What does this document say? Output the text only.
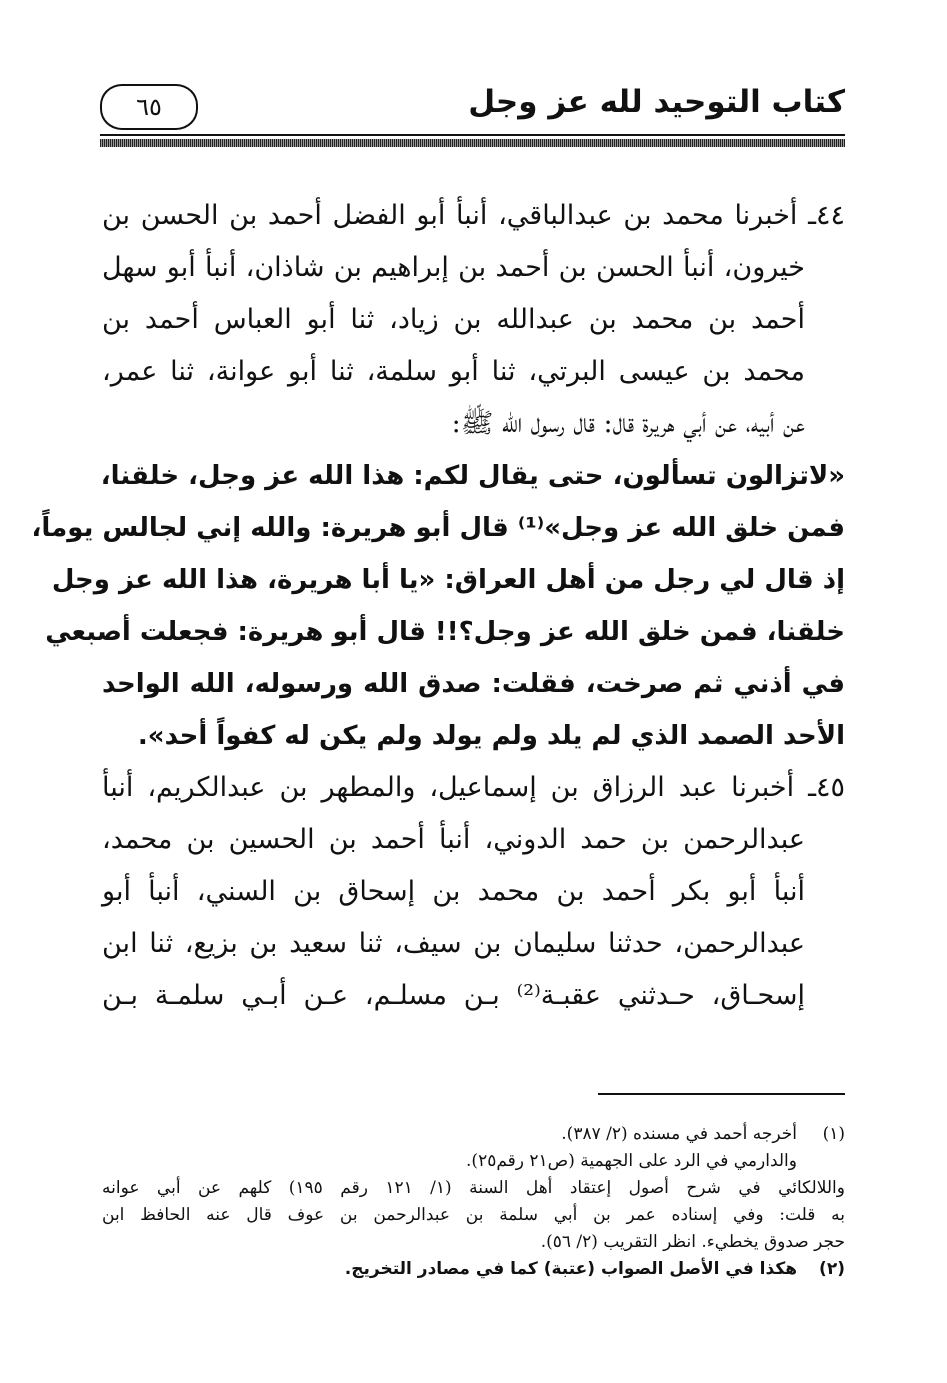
كتاب التوحيد لله عز وجل
٦٥
٤٤ـ أخبرنا محمد بن عبدالباقي، أنبأ أبو الفضل أحمد بن الحسن بن
خيرون، أنبأ الحسن بن أحمد بن إبراهيم بن شاذان، أنبأ أبو سهل
أحمد بن محمد بن عبدالله بن زياد، ثنا أبو العباس أحمد بن
محمد بن عيسى البرتي، ثنا أبو سلمة، ثنا أبو عوانة، ثنا عمر،
عن أبيه، عن أبي هريرة قال: قال رسول الله ﷺ:
«لاتزالون تسألون، حتى يقال لكم: هذا الله عز وجل، خلقنا،
فمن خلق الله عز وجل»⁽¹⁾ قال أبو هريرة: والله إني لجالس يوماً،
إذ قال لي رجل من أهل العراق: «يا أبا هريرة، هذا الله عز وجل
خلقنا، فمن خلق الله عز وجل؟!! قال أبو هريرة: فجعلت أصبعي
في أذني ثم صرخت، فقلت: صدق الله ورسوله، الله الواحد
الأحد الصمد الذي لم يلد ولم يولد ولم يكن له كفواً أحد».
٤٥ـ أخبرنا عبد الرزاق بن إسماعيل، والمطهر بن عبدالكريم، أنبأ
عبدالرحمن بن حمد الدوني، أنبأ أحمد بن الحسين بن محمد،
أنبأ أبو بكر أحمد بن محمد بن إسحاق بن السني، أنبأ أبو
عبدالرحمن، حدثنا سليمان بن سيف، ثنا سعيد بن بزيع، ثنا ابن
إسحـاق، حـدثني عقبـة⁽²⁾ بـن مسلـم، عـن أبـي سلمـة بـن
(١)أخرجه أحمد في مسنده (٢/ ٣٨٧).
والدارمي في الرد على الجهمية (ص٢١ رقم٢٥).
واللالكائي في شرح أصول إعتقاد أهل السنة (١/ ١٢١ رقم ١٩٥) كلهم عن أبي عوانه
به قلت: وفي إسناده عمر بن أبي سلمة بن عبدالرحمن بن عوف قال عنه الحافظ ابن
حجر صدوق يخطيء. انظر التقريب (٢/ ٥٦).
(٢)هكذا في الأصل الصواب (عتبة) كما في مصادر التخريج.
